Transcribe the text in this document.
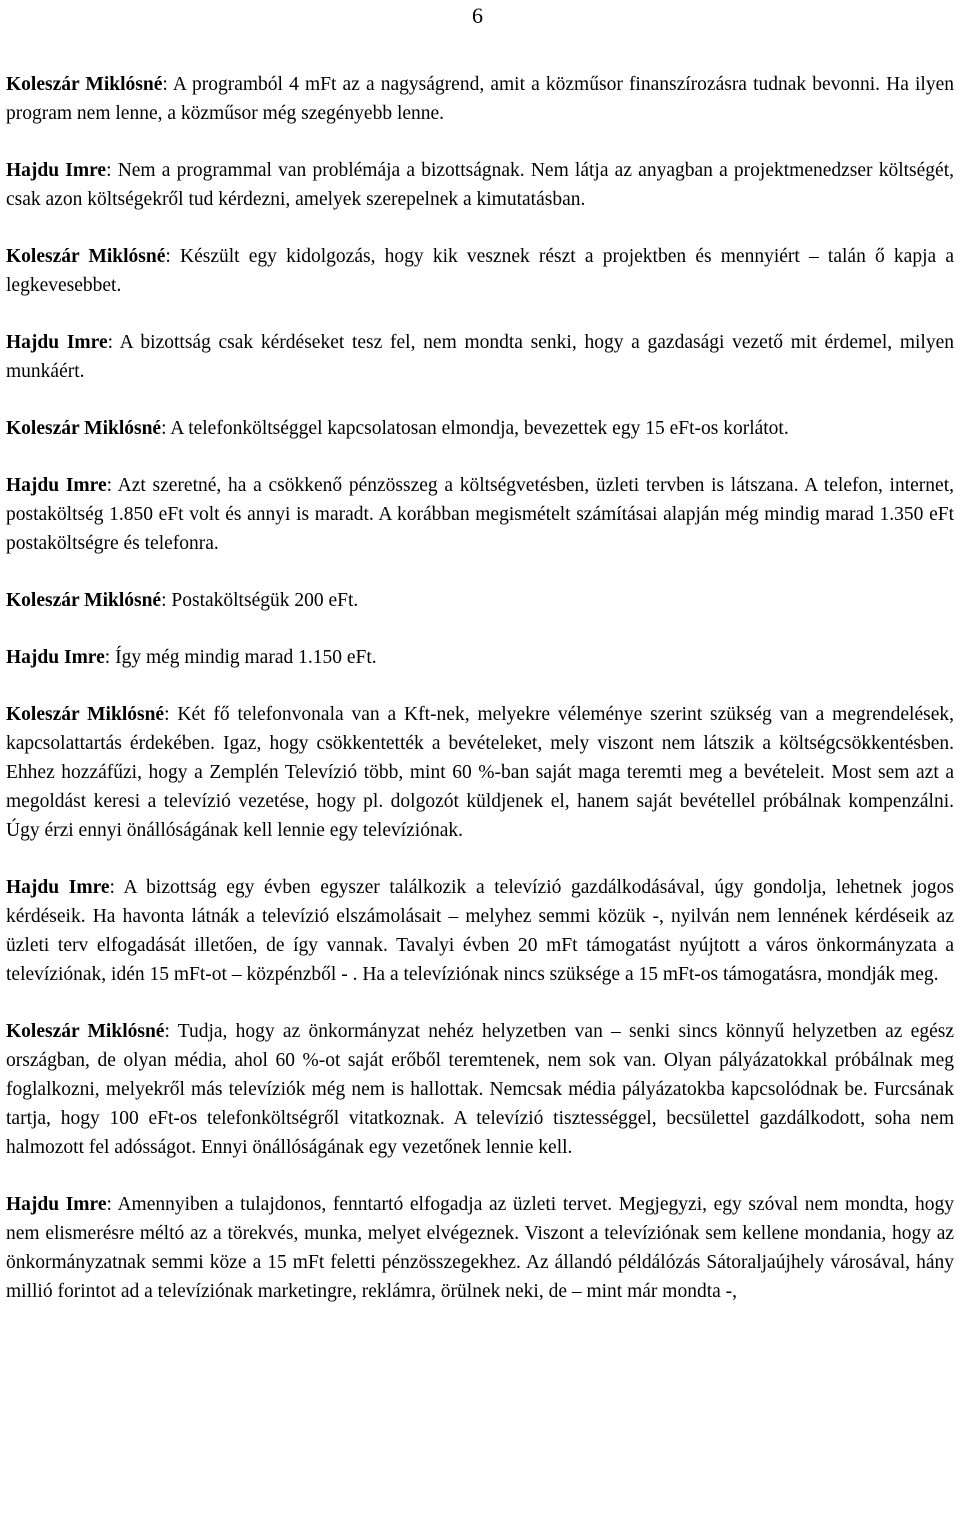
6

Koleszár Miklósné: A programból 4 mFt az a nagyságrend, amit a közműsor finanszírozásra tudnak bevonni. Ha ilyen program nem lenne, a közműsor még szegényebb lenne.

Hajdu Imre: Nem a programmal van problémája a bizottságnak. Nem látja az anyagban a projektmenedzser költségét, csak azon költségekről tud kérdezni, amelyek szerepelnek a kimutatásban.

Koleszár Miklósné: Készült egy kidolgozás, hogy kik vesznek részt a projektben és mennyiért – talán ő kapja a legkevesebbet.

Hajdu Imre: A bizottság csak kérdéseket tesz fel, nem mondta senki, hogy a gazdasági vezető mit érdemel, milyen munkáért.

Koleszár Miklósné: A telefonköltséggel kapcsolatosan elmondja, bevezettek egy 15 eFt-os korlátot.

Hajdu Imre: Azt szeretné, ha a csökkenő pénzösszeg a költségvetésben, üzleti tervben is látszana. A telefon, internet, postaköltség 1.850 eFt volt és annyi is maradt. A korábban megismételt számításai alapján még mindig marad 1.350 eFt postaköltségre és telefonra.

Koleszár Miklósné: Postaköltségük 200 eFt.

Hajdu Imre: Így még mindig marad 1.150 eFt.

Koleszár Miklósné: Két fő telefonvonala van a Kft-nek, melyekre véleménye szerint szükség van a megrendelések, kapcsolattartás érdekében. Igaz, hogy csökkentették a bevételeket, mely viszont nem látszik a költségcsökkentésben. Ehhez hozzáfűzi, hogy a Zemplén Televízió több, mint 60 %-ban saját maga teremti meg a bevételeit. Most sem azt a megoldást keresi a televízió vezetése, hogy pl. dolgozót küldjenek el, hanem saját bevétellel próbálnak kompenzálni. Úgy érzi ennyi önállóságának kell lennie egy televíziónak.

Hajdu Imre: A bizottság egy évben egyszer találkozik a televízió gazdálkodásával, úgy gondolja, lehetnek jogos kérdéseik. Ha havonta látnák a televízió elszámolásait – melyhez semmi közük -, nyilván nem lennének kérdéseik az üzleti terv elfogadását illetően, de így vannak. Tavalyi évben 20 mFt támogatást nyújtott a város önkormányzata a televíziónak, idén 15 mFt-ot – közpénzből - . Ha a televíziónak nincs szüksége a 15 mFt-os támogatásra, mondják meg.

Koleszár Miklósné: Tudja, hogy az önkormányzat nehéz helyzetben van – senki sincs könnyű helyzetben az egész országban, de olyan média, ahol 60 %-ot saját erőből teremtenek, nem sok van. Olyan pályázatokkal próbálnak meg foglalkozni, melyekről más televíziók még nem is hallottak. Nemcsak média pályázatokba kapcsolódnak be. Furcsának tartja, hogy 100 eFt-os telefonköltségről vitatkoznak. A televízió tisztességgel, becsülettel gazdálkodott, soha nem halmozott fel adósságot. Ennyi önállóságának egy vezetőnek lennie kell.

Hajdu Imre: Amennyiben a tulajdonos, fenntartó elfogadja az üzleti tervet. Megjegyzi, egy szóval nem mondta, hogy nem elismerésre méltó az a törekvés, munka, melyet elvégeznek. Viszont a televíziónak sem kellene mondania, hogy az önkormányzatnak semmi köze a 15 mFt feletti pénzösszegekhez. Az állandó példálózás Sátoraljaújhely városával, hány millió forintot ad a televíziónak marketingre, reklámra, örülnek neki, de – mint már mondta -,
